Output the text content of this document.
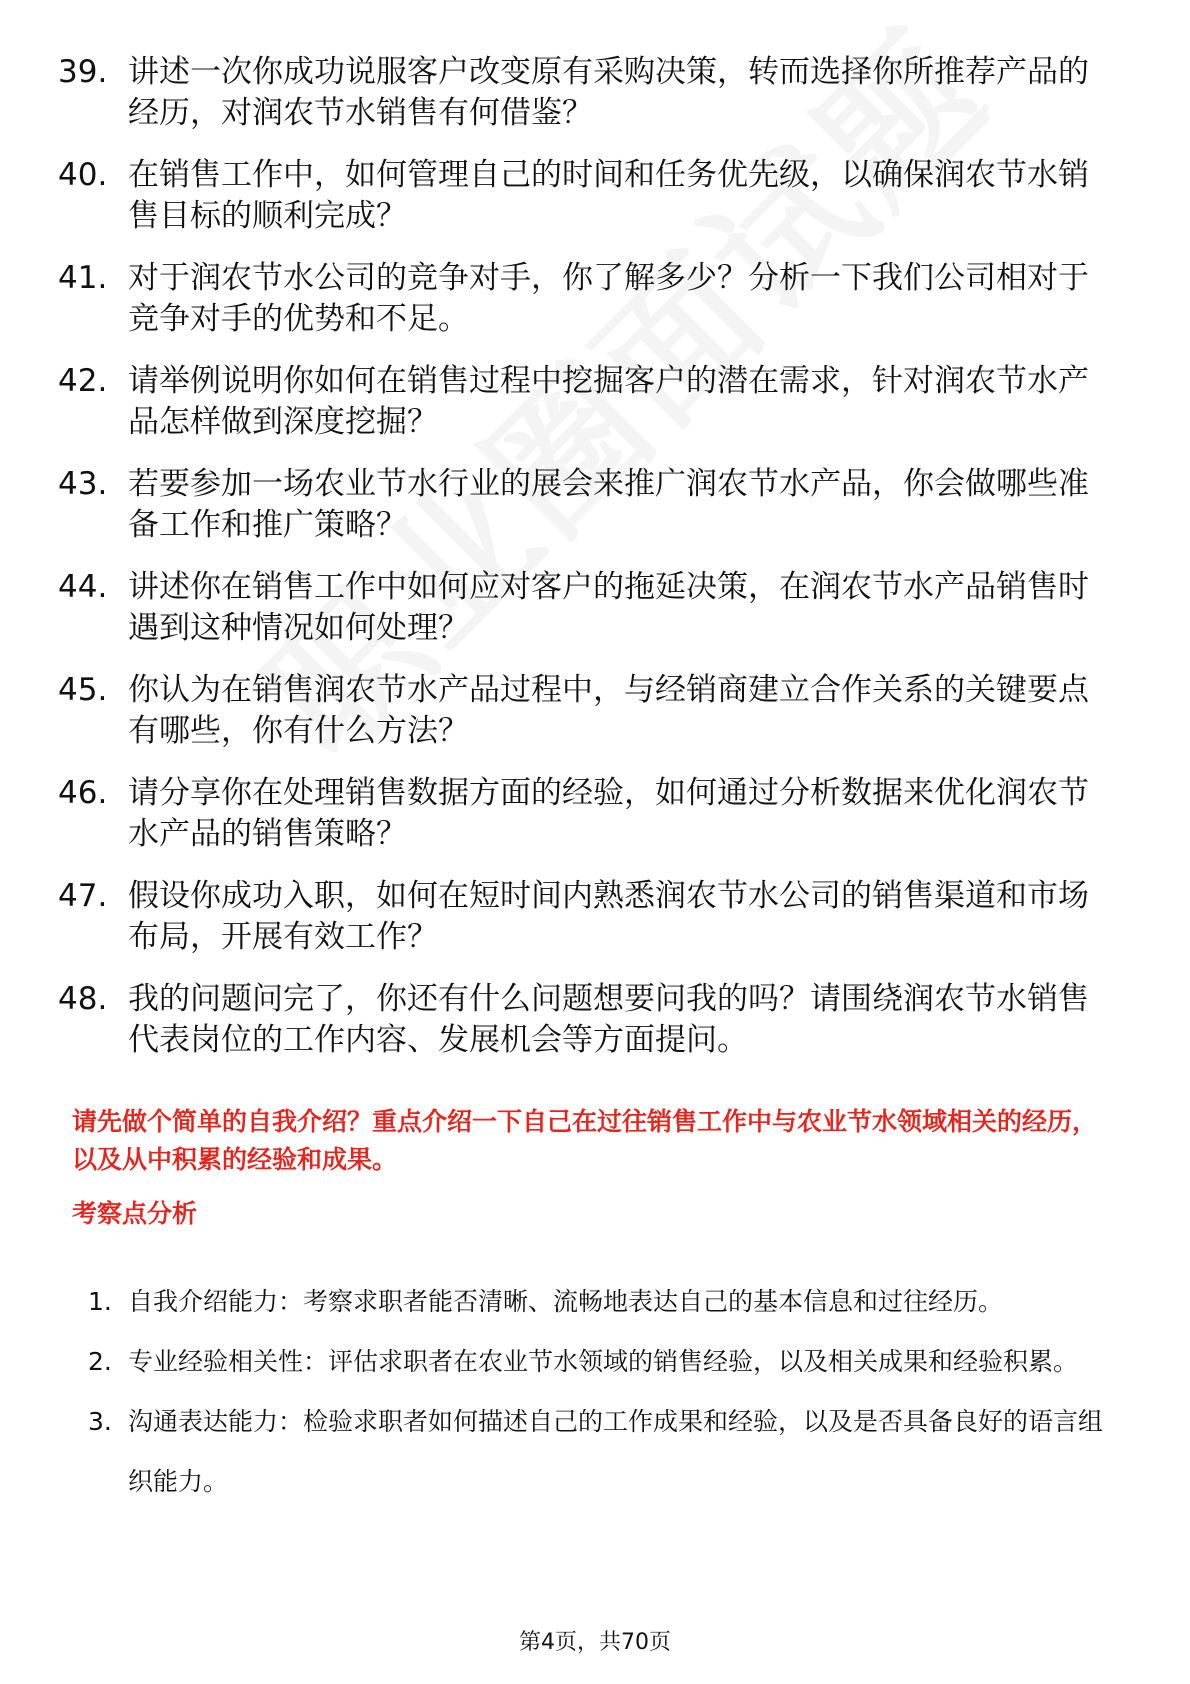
39. 讲述一次你成功说服客户改变原有采购决策，转而选择你所推荐产品的经历，对润农节水销售有何借鉴？
40. 在销售工作中，如何管理自己的时间和任务优先级，以确保润农节水销售目标的顺利完成？
41. 对于润农节水公司的竞争对手，你了解多少？分析一下我们公司相对于竞争对手的优势和不足。
42. 请举例说明你如何在销售过程中挖掘客户的潜在需求，针对润农节水产品怎样做到深度挖掘？
43. 若要参加一场农业节水行业的展会来推广润农节水产品，你会做哪些准备工作和推广策略？
44. 讲述你在销售工作中如何应对客户的拖延决策，在润农节水产品销售时遇到这种情况如何处理？
45. 你认为在销售润农节水产品过程中，与经销商建立合作关系的关键要点有哪些，你有什么方法？
46. 请分享你在处理销售数据方面的经验，如何通过分析数据来优化润农节水产品的销售策略？
47. 假设你成功入职，如何在短时间内熟悉润农节水公司的销售渠道和市场布局，开展有效工作？
48. 我的问题问完了，你还有什么问题想要问我的吗？请围绕润农节水销售代表岗位的工作内容、发展机会等方面提问。

请先做个简单的自我介绍？重点介绍一下自己在过往销售工作中与农业节水领域相关的经历，以及从中积累的经验和成果。

考察点分析
1. 自我介绍能力：考察求职者能否清晰、流畅地表达自己的基本信息和过往经历。
2. 专业经验相关性：评估求职者在农业节水领域的销售经验，以及相关成果和经验积累。
3. 沟通表达能力：检验求职者如何描述自己的工作成果和经验，以及是否具备良好的语言组织能力。
第4页，共70页
